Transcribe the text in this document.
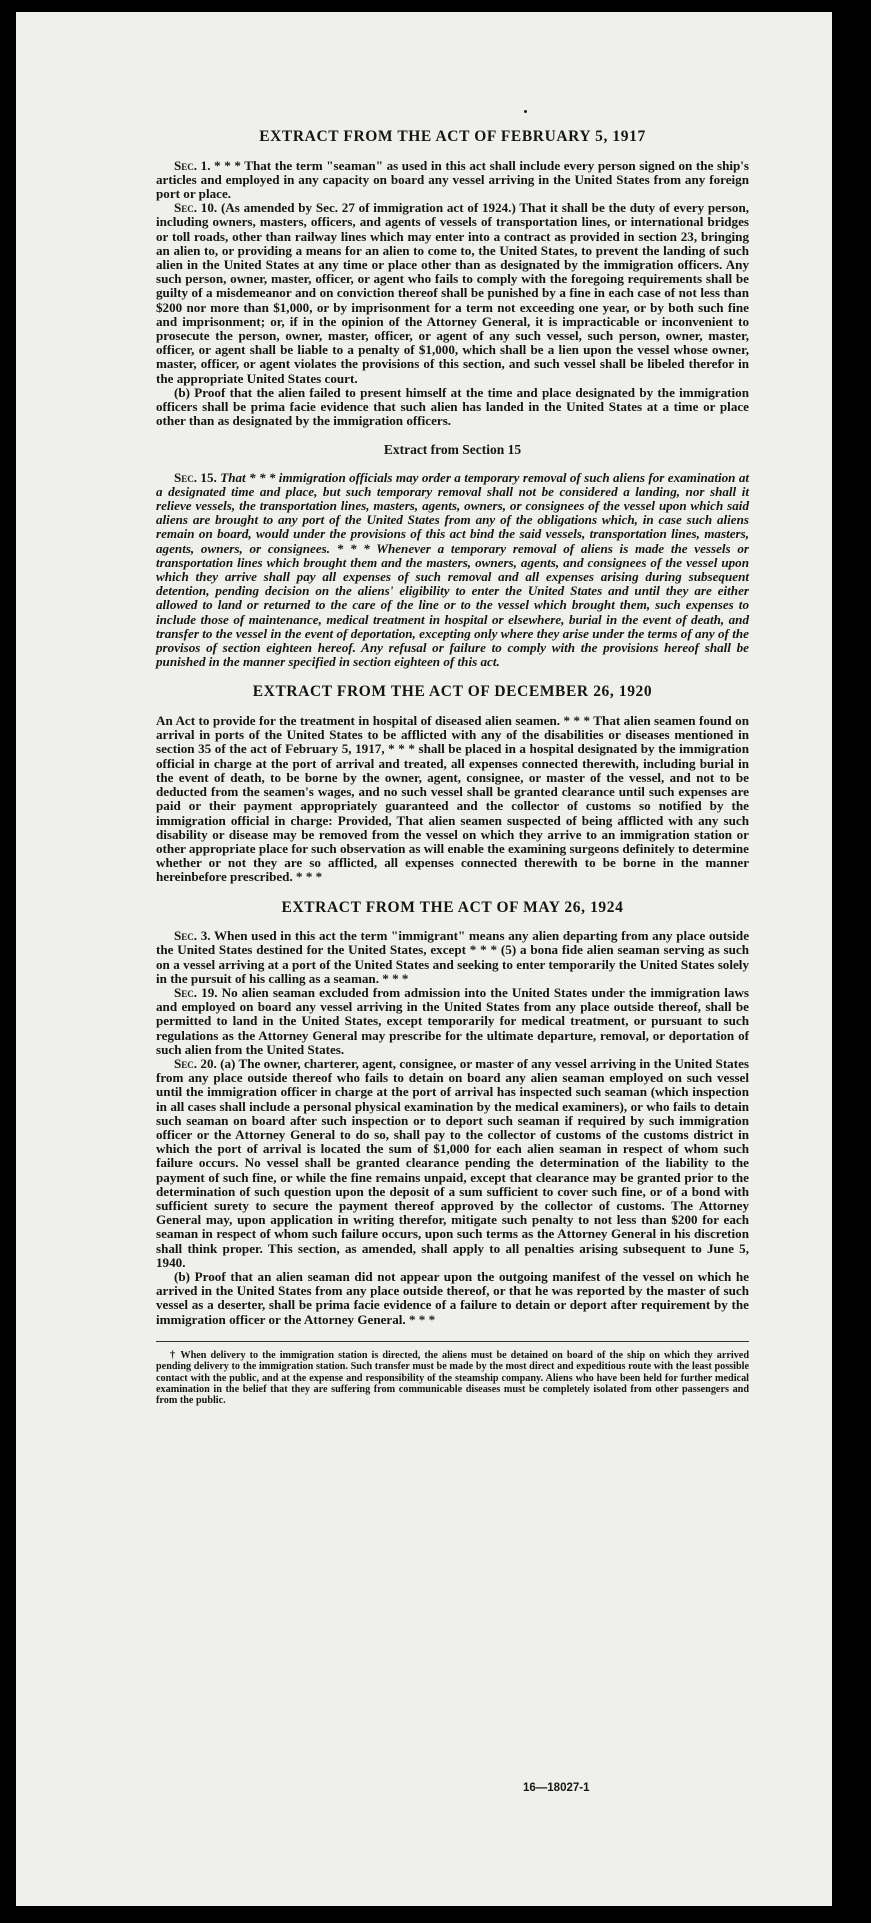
EXTRACT FROM THE ACT OF FEBRUARY 5, 1917

Sec. 1. * * * That the term "seaman" as used in this act shall include every person signed on the ship's articles and employed in any capacity on board any vessel arriving in the United States from any foreign port or place.

Sec. 10. (As amended by Sec. 27 of immigration act of 1924.) That it shall be the duty of every person, including owners, masters, officers, and agents of vessels of transportation lines, or international bridges or toll roads, other than railway lines which may enter into a contract as provided in section 23, bringing an alien to, or providing a means for an alien to come to, the United States, to prevent the landing of such alien in the United States at any time or place other than as designated by the immigration officers. Any such person, owner, master, officer, or agent who fails to comply with the foregoing requirements shall be guilty of a misdemeanor and on conviction thereof shall be punished by a fine in each case of not less than $200 nor more than $1,000, or by imprisonment for a term not exceeding one year, or by both such fine and imprisonment; or, if in the opinion of the Attorney General, it is impracticable or inconvenient to prosecute the person, owner, master, officer, or agent of any such vessel, such person, owner, master, officer, or agent shall be liable to a penalty of $1,000, which shall be a lien upon the vessel whose owner, master, officer, or agent violates the provisions of this section, and such vessel shall be libeled therefor in the appropriate United States court.

(b) Proof that the alien failed to present himself at the time and place designated by the immigration officers shall be prima facie evidence that such alien has landed in the United States at a time or place other than as designated by the immigration officers.

Extract from Section 15

Sec. 15. That * * * immigration officials may order a temporary removal of such aliens for examination at a designated time and place, but such temporary removal shall not be considered a landing, nor shall it relieve vessels, the transportation lines, masters, agents, owners, or consignees of the vessel upon which said aliens are brought to any port of the United States from any of the obligations which, in case such aliens remain on board, would under the provisions of this act bind the said vessels, transportation lines, masters, agents, owners, or consignees. * * * Whenever a temporary removal of aliens is made the vessels or transportation lines which brought them and the masters, owners, agents, and consignees of the vessel upon which they arrive shall pay all expenses of such removal and all expenses arising during subsequent detention, pending decision on the aliens' eligibility to enter the United States and until they are either allowed to land or returned to the care of the line or to the vessel which brought them, such expenses to include those of maintenance, medical treatment in hospital or elsewhere, burial in the event of death, and transfer to the vessel in the event of deportation, excepting only where they arise under the terms of any of the provisos of section eighteen hereof. Any refusal or failure to comply with the provisions hereof shall be punished in the manner specified in section eighteen of this act.

EXTRACT FROM THE ACT OF DECEMBER 26, 1920

An Act to provide for the treatment in hospital of diseased alien seamen. * * * That alien seamen found on arrival in ports of the United States to be afflicted with any of the disabilities or diseases mentioned in section 35 of the act of February 5, 1917, * * * shall be placed in a hospital designated by the immigration official in charge at the port of arrival and treated, all expenses connected therewith, including burial in the event of death, to be borne by the owner, agent, consignee, or master of the vessel, and not to be deducted from the seamen's wages, and no such vessel shall be granted clearance until such expenses are paid or their payment appropriately guaranteed and the collector of customs so notified by the immigration official in charge: Provided, That alien seamen suspected of being afflicted with any such disability or disease may be removed from the vessel on which they arrive to an immigration station or other appropriate place for such observation as will enable the examining surgeons definitely to determine whether or not they are so afflicted, all expenses connected therewith to be borne in the manner hereinbefore prescribed. * * *

EXTRACT FROM THE ACT OF MAY 26, 1924

Sec. 3. When used in this act the term "immigrant" means any alien departing from any place outside the United States destined for the United States, except * * * (5) a bona fide alien seaman serving as such on a vessel arriving at a port of the United States and seeking to enter temporarily the United States solely in the pursuit of his calling as a seaman. * * *

Sec. 19. No alien seaman excluded from admission into the United States under the immigration laws and employed on board any vessel arriving in the United States from any place outside thereof, shall be permitted to land in the United States, except temporarily for medical treatment, or pursuant to such regulations as the Attorney General may prescribe for the ultimate departure, removal, or deportation of such alien from the United States.

Sec. 20. (a) The owner, charterer, agent, consignee, or master of any vessel arriving in the United States from any place outside thereof who fails to detain on board any alien seaman employed on such vessel until the immigration officer in charge at the port of arrival has inspected such seaman (which inspection in all cases shall include a personal physical examination by the medical examiners), or who fails to detain such seaman on board after such inspection or to deport such seaman if required by such immigration officer or the Attorney General to do so, shall pay to the collector of customs of the customs district in which the port of arrival is located the sum of $1,000 for each alien seaman in respect of whom such failure occurs. No vessel shall be granted clearance pending the determination of the liability to the payment of such fine, or while the fine remains unpaid, except that clearance may be granted prior to the determination of such question upon the deposit of a sum sufficient to cover such fine, or of a bond with sufficient surety to secure the payment thereof approved by the collector of customs. The Attorney General may, upon application in writing therefor, mitigate such penalty to not less than $200 for each seaman in respect of whom such failure occurs, upon such terms as the Attorney General in his discretion shall think proper. This section, as amended, shall apply to all penalties arising subsequent to June 5, 1940.

(b) Proof that an alien seaman did not appear upon the outgoing manifest of the vessel on which he arrived in the United States from any place outside thereof, or that he was reported by the master of such vessel as a deserter, shall be prima facie evidence of a failure to detain or deport after requirement by the immigration officer or the Attorney General. * * *

† When delivery to the immigration station is directed, the aliens must be detained on board of the ship on which they arrived pending delivery to the immigration station. Such transfer must be made by the most direct and expeditious route with the least possible contact with the public, and at the expense and responsibility of the steamship company. Aliens who have been held for further medical examination in the belief that they are suffering from communicable diseases must be completely isolated from other passengers and from the public.

16—18027-1
